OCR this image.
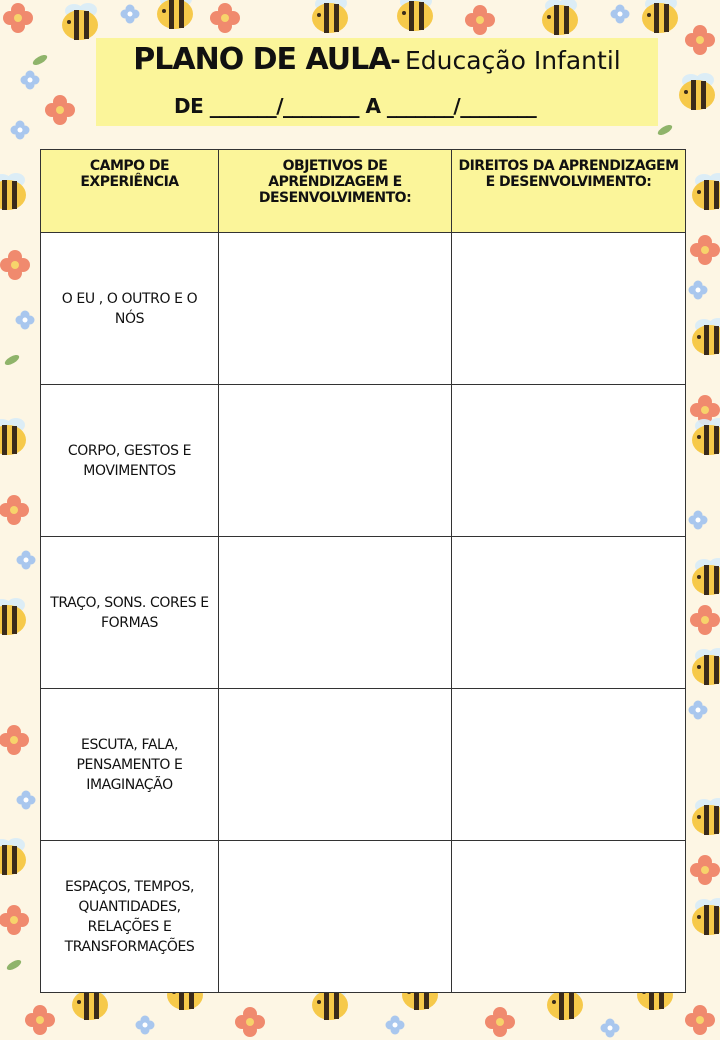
PLANO DE AULA- Educação Infantil
DE _______/________ A _______/________
CAMPO DE EXPERIÊNCIA	OBJETIVOS DE APRENDIZAGEM E DESENVOLVIMENTO:	DIREITOS DA APRENDIZAGEM E DESENVOLVIMENTO:
O EU , O OUTRO E O NÓS		
CORPO, GESTOS E MOVIMENTOS		
TRAÇO, SONS. CORES E FORMAS		
ESCUTA, FALA, PENSAMENTO E IMAGINAÇÃO		
ESPAÇOS, TEMPOS, QUANTIDADES, RELAÇÕES E TRANSFORMAÇÕES		
